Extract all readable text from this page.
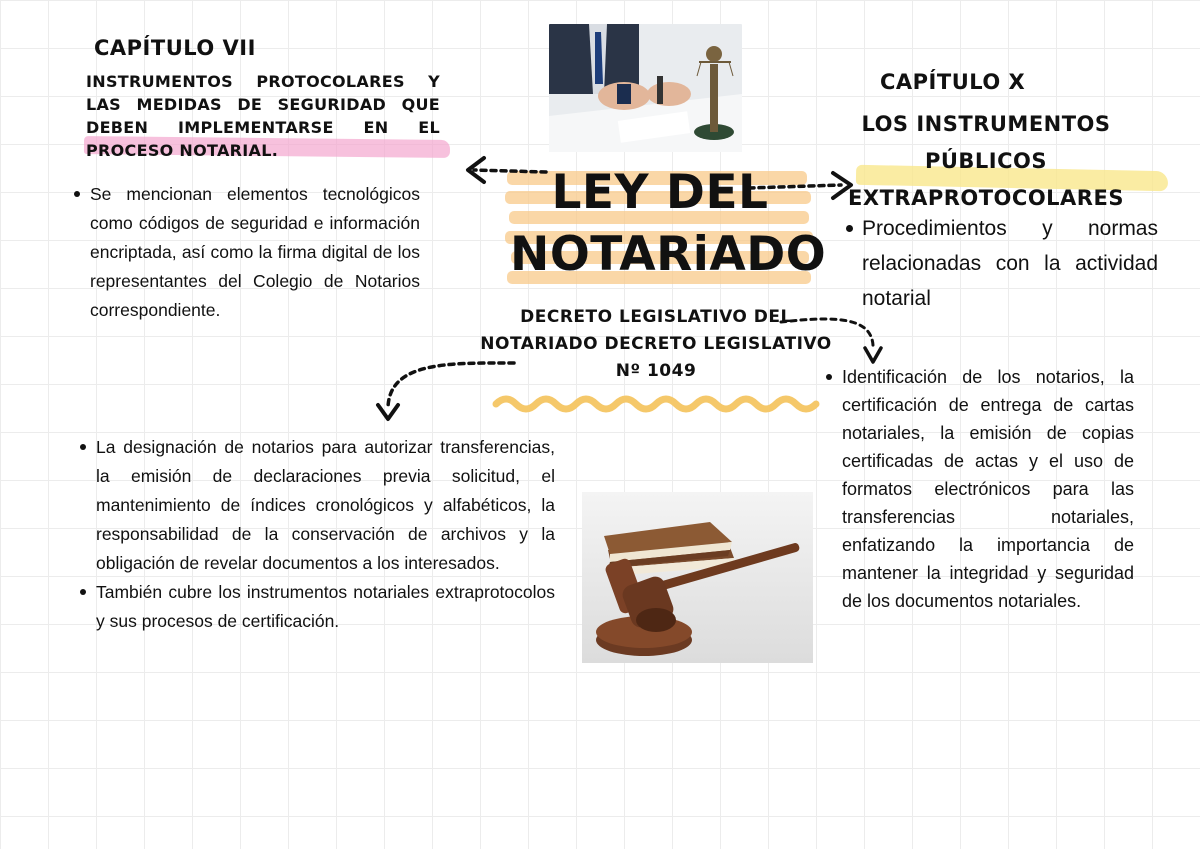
CAPÍTULO VII
INSTRUMENTOS PROTOCOLARES Y LAS MEDIDAS DE SEGURIDAD QUE DEBEN IMPLEMENTARSE EN EL PROCESO NOTARIAL.
Se mencionan elementos tecnológicos como códigos de seguridad e información encriptada, así como la firma digital de los representantes del Colegio de Notarios correspondiente.
LEY DEL
NOTARiADO
DECRETO LEGISLATIVO DEL NOTARIADO DECRETO LEGISLATIVO Nº 1049
CAPÍTULO X
LOS INSTRUMENTOS PÚBLICOS EXTRAPROTOCOLARES
Procedimientos y normas relacionadas con la actividad notarial
Identificación de los notarios, la certificación de entrega de cartas notariales, la emisión de copias certificadas de actas y el uso de formatos electrónicos para las transferencias notariales, enfatizando la importancia de mantener la integridad y seguridad de los documentos notariales.
La designación de notarios para autorizar transferencias, la emisión de declaraciones previa solicitud, el mantenimiento de índices cronológicos y alfabéticos, la responsabilidad de la conservación de archivos y la obligación de revelar documentos a los interesados.
También cubre los instrumentos notariales extraprotocolos y sus procesos de certificación.
